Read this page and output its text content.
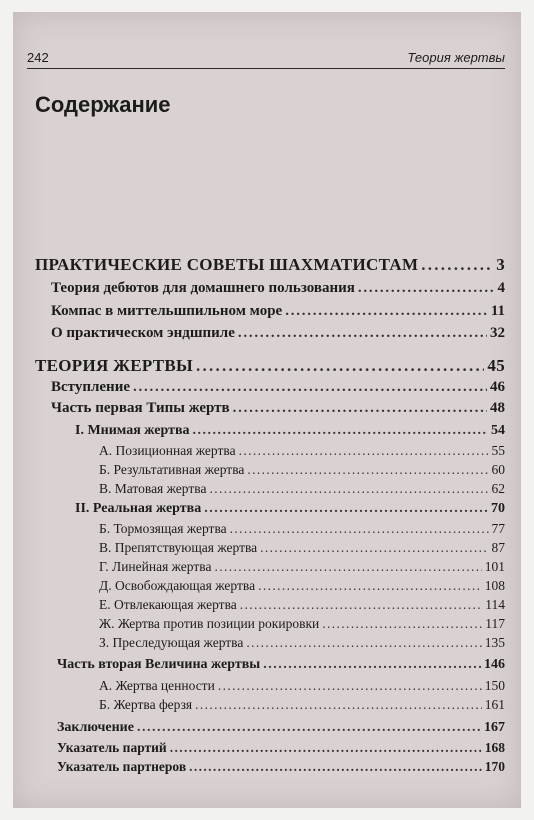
242	Теория жертвы
Содержание
ПРАКТИЧЕСКИЕ СОВЕТЫ ШАХМАТИСТАМ . . .	3
Теория дебютов для домашнего пользования . . .	4
Компас в миттельшпильном море . . .	11
О практическом эндшпиле . . .	32
ТЕОРИЯ ЖЕРТВЫ . . .	45
Вступление . . .	46
Часть первая Типы жертв . . .	48
I. Мнимая жертва . . .	54
А. Позиционная жертва . . .	55
Б. Результативная жертва . . .	60
В. Матовая жертва . . .	62
II. Реальная жертва . . .	70
Б. Тормозящая жертва . . .	77
В. Препятствующая жертва . . .	87
Г. Линейная жертва . . .	101
Д. Освобождающая жертва . . .	108
Е. Отвлекающая жертва . . .	114
Ж. Жертва против позиции рокировки . . .	117
З. Преследующая жертва . . .	135
Часть вторая Величина жертвы . . .	146
А. Жертва ценности . . .	150
Б. Жертва ферзя . . .	161
Заключение . . .	167
Указатель партий . . .	168
Указатель партнеров . . .	170
